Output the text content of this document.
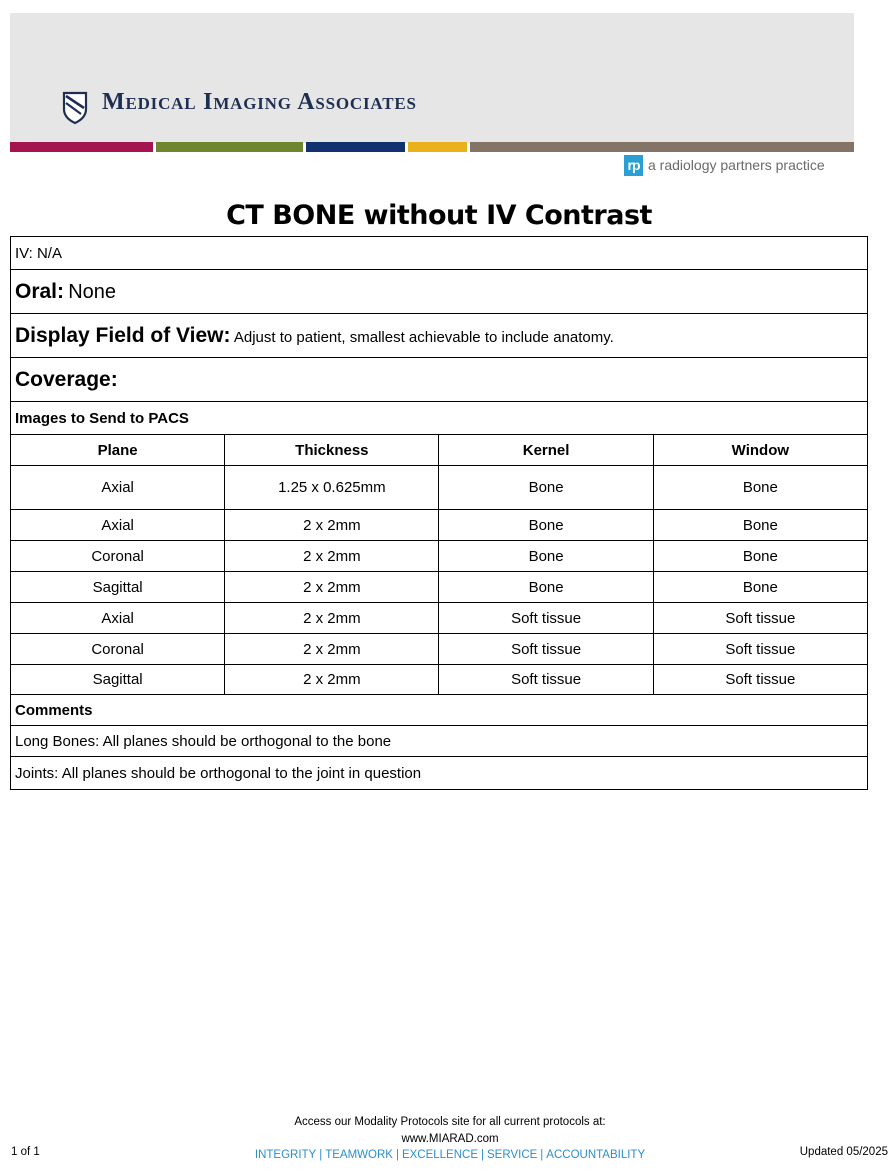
Medical Imaging Associates
rp a radiology partners practice
CT BONE without IV Contrast
IV: N/A			
Oral: None			
Display Field of View: Adjust to patient, smallest achievable to include anatomy.			
Coverage:			
Images to Send to PACS			
Plane	Thickness	Kernel	Window
Axial	1.25 x 0.625mm	Bone	Bone
Axial	2 x 2mm	Bone	Bone
Coronal	2 x 2mm	Bone	Bone
Sagittal	2 x 2mm	Bone	Bone
Axial	2 x 2mm	Soft tissue	Soft tissue
Coronal	2 x 2mm	Soft tissue	Soft tissue
Sagittal	2 x 2mm	Soft tissue	Soft tissue
Comments			
Long Bones: All planes should be orthogonal to the bone			
Joints: All planes should be orthogonal to the joint in question			
Access our Modality Protocols site for all current protocols at:
www.MIARAD.com
INTEGRITY | TEAMWORK | EXCELLENCE | SERVICE | ACCOUNTABILITY
1 of 1	Updated 05/2025
